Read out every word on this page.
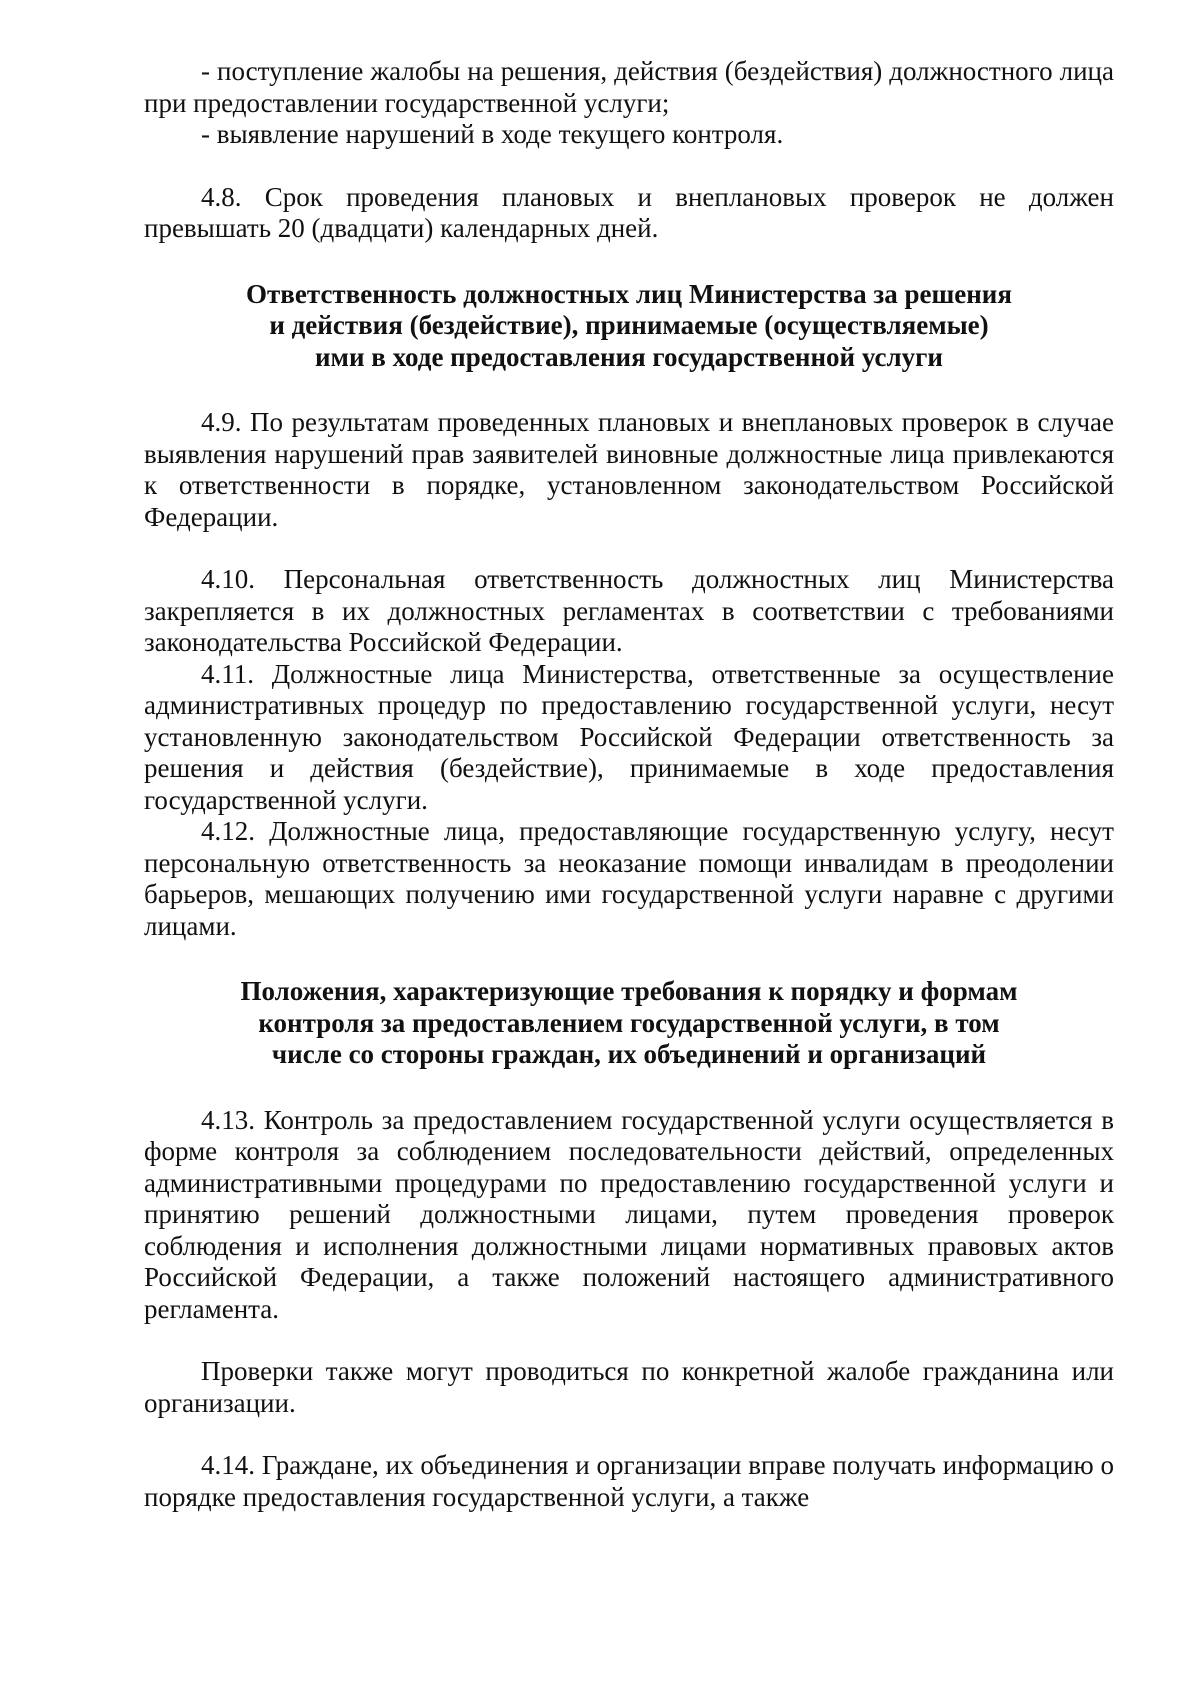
- поступление жалобы на решения, действия (бездействия) должностного лица при предоставлении государственной услуги;

- выявление нарушений в ходе текущего контроля.

4.8. Срок проведения плановых и внеплановых проверок не должен превышать 20 (двадцати) календарных дней.

Ответственность должностных лиц Министерства за решения
и действия (бездействие), принимаемые (осуществляемые)
ими в ходе предоставления государственной услуги

4.9. По результатам проведенных плановых и внеплановых проверок в случае выявления нарушений прав заявителей виновные должностные лица привлекаются к ответственности в порядке, установленном законодательством Российской Федерации.

4.10. Персональная ответственность должностных лиц Министерства закрепляется в их должностных регламентах в соответствии с требованиями законодательства Российской Федерации.

4.11. Должностные лица Министерства, ответственные за осуществление административных процедур по предоставлению государственной услуги, несут установленную законодательством Российской Федерации ответственность за решения и действия (бездействие), принимаемые в ходе предоставления государственной услуги.

4.12. Должностные лица, предоставляющие государственную услугу, несут персональную ответственность за неоказание помощи инвалидам в преодолении барьеров, мешающих получению ими государственной услуги наравне с другими лицами.

Положения, характеризующие требования к порядку и формам
контроля за предоставлением государственной услуги, в том
числе со стороны граждан, их объединений и организаций

4.13. Контроль за предоставлением государственной услуги осуществляется в форме контроля за соблюдением последовательности действий, определенных административными процедурами по предоставлению государственной услуги и принятию решений должностными лицами, путем проведения проверок соблюдения и исполнения должностными лицами нормативных правовых актов Российской Федерации, а также положений настоящего административного регламента.

Проверки также могут проводиться по конкретной жалобе гражданина или организации.

4.14. Граждане, их объединения и организации вправе получать информацию о порядке предоставления государственной услуги, а также
